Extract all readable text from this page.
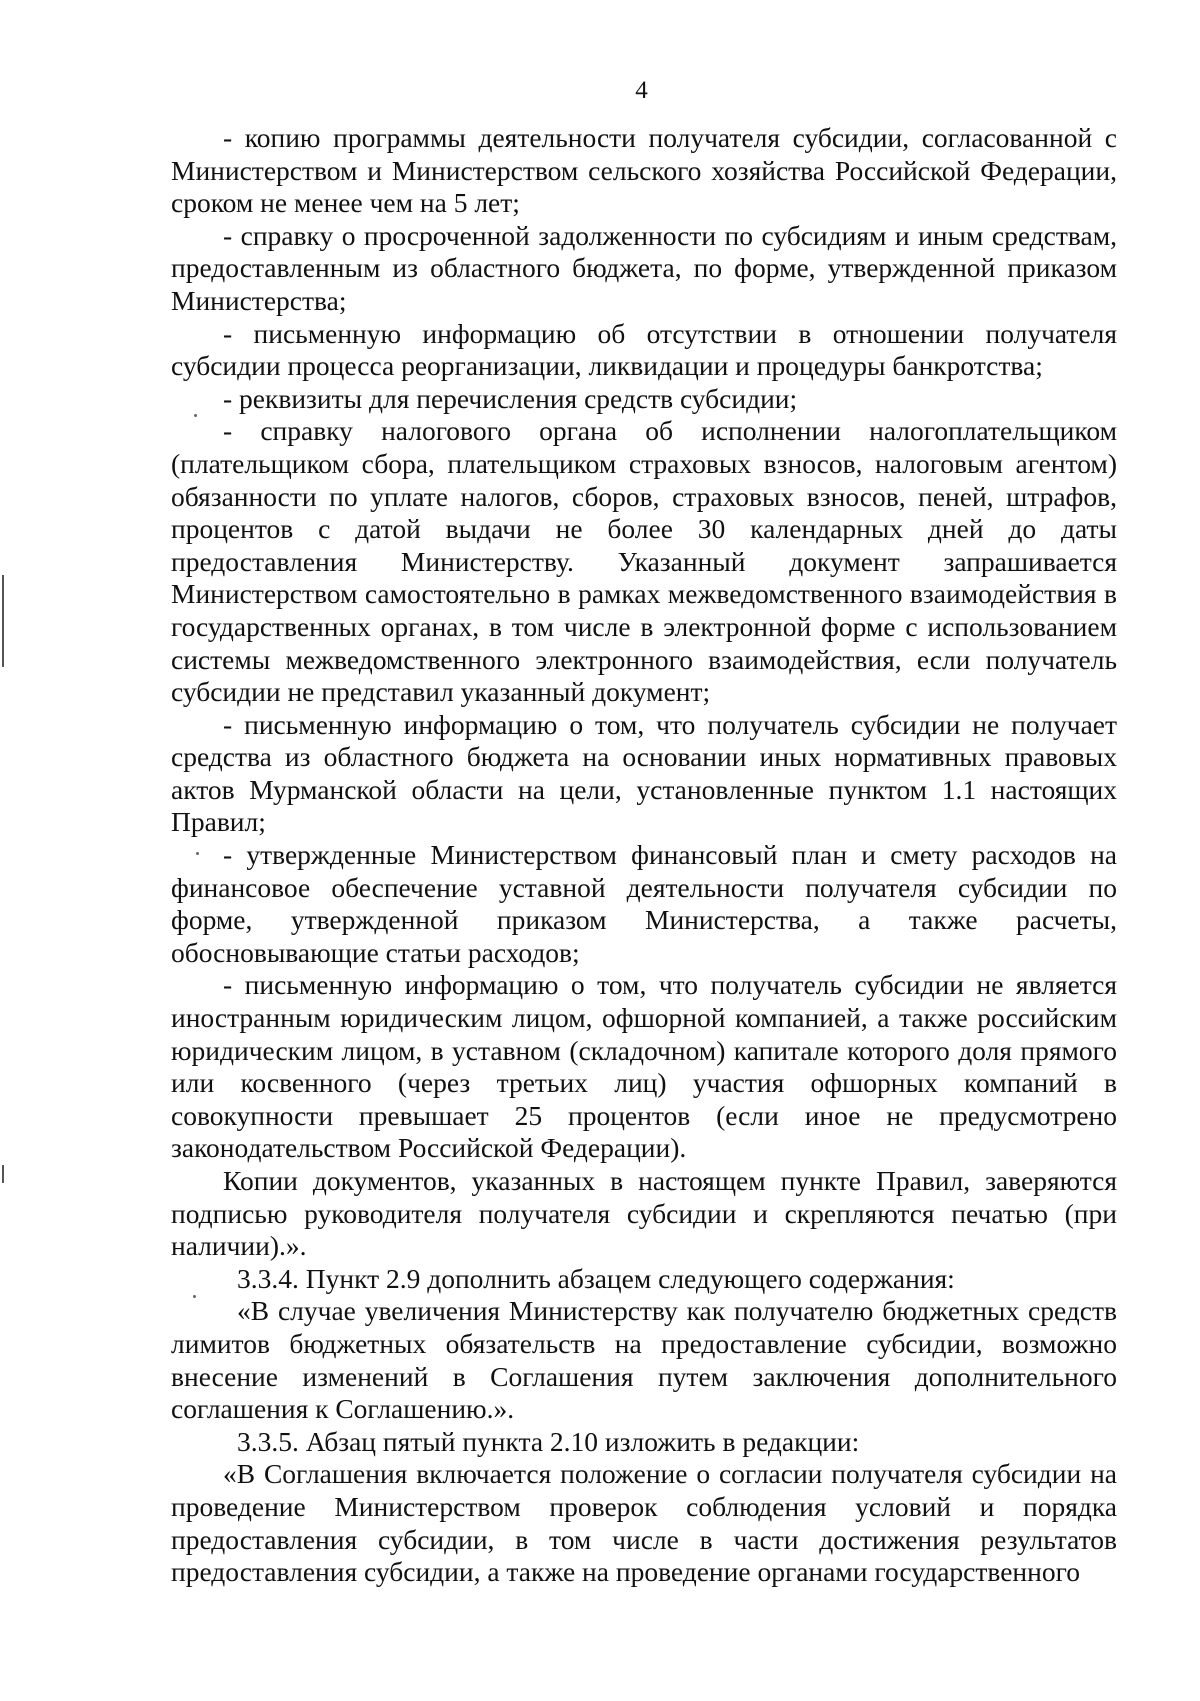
4

- копию программы деятельности получателя субсидии, согласованной с Министерством и Министерством сельского хозяйства Российской Федерации, сроком не менее чем на 5 лет;

- справку о просроченной задолженности по субсидиям и иным средствам, предоставленным из областного бюджета, по форме, утвержденной приказом Министерства;

- письменную информацию об отсутствии в отношении получателя субсидии процесса реорганизации, ликвидации и процедуры банкротства;

- реквизиты для перечисления средств субсидии;

- справку налогового органа об исполнении налогоплательщиком (плательщиком сбора, плательщиком страховых взносов, налоговым агентом) обязанности по уплате налогов, сборов, страховых взносов, пеней, штрафов, процентов с датой выдачи не более 30 календарных дней до даты предоставления Министерству. Указанный документ запрашивается Министерством самостоятельно в рамках межведомственного взаимодействия в государственных органах, в том числе в электронной форме с использованием системы межведомственного электронного взаимодействия, если получатель субсидии не представил указанный документ;

- письменную информацию о том, что получатель субсидии не получает средства из областного бюджета на основании иных нормативных правовых актов Мурманской области на цели, установленные пунктом 1.1 настоящих Правил;

- утвержденные Министерством финансовый план и смету расходов на финансовое обеспечение уставной деятельности получателя субсидии по форме, утвержденной приказом Министерства, а также расчеты, обосновывающие статьи расходов;

- письменную информацию о том, что получатель субсидии не является иностранным юридическим лицом, офшорной компанией, а также российским юридическим лицом, в уставном (складочном) капитале которого доля прямого или косвенного (через третьих лиц) участия офшорных компаний в совокупности превышает 25 процентов (если иное не предусмотрено законодательством Российской Федерации).

Копии документов, указанных в настоящем пункте Правил, заверяются подписью руководителя получателя субсидии и скрепляются печатью (при наличии).».

3.3.4. Пункт 2.9 дополнить абзацем следующего содержания:

«В случае увеличения Министерству как получателю бюджетных средств лимитов бюджетных обязательств на предоставление субсидии, возможно внесение изменений в Соглашения путем заключения дополнительного соглашения к Соглашению.».

3.3.5. Абзац пятый пункта 2.10 изложить в редакции:

«В Соглашения включается положение о согласии получателя субсидии на проведение Министерством проверок соблюдения условий и порядка предоставления субсидии, в том числе в части достижения результатов предоставления субсидии, а также на проведение органами государственного
